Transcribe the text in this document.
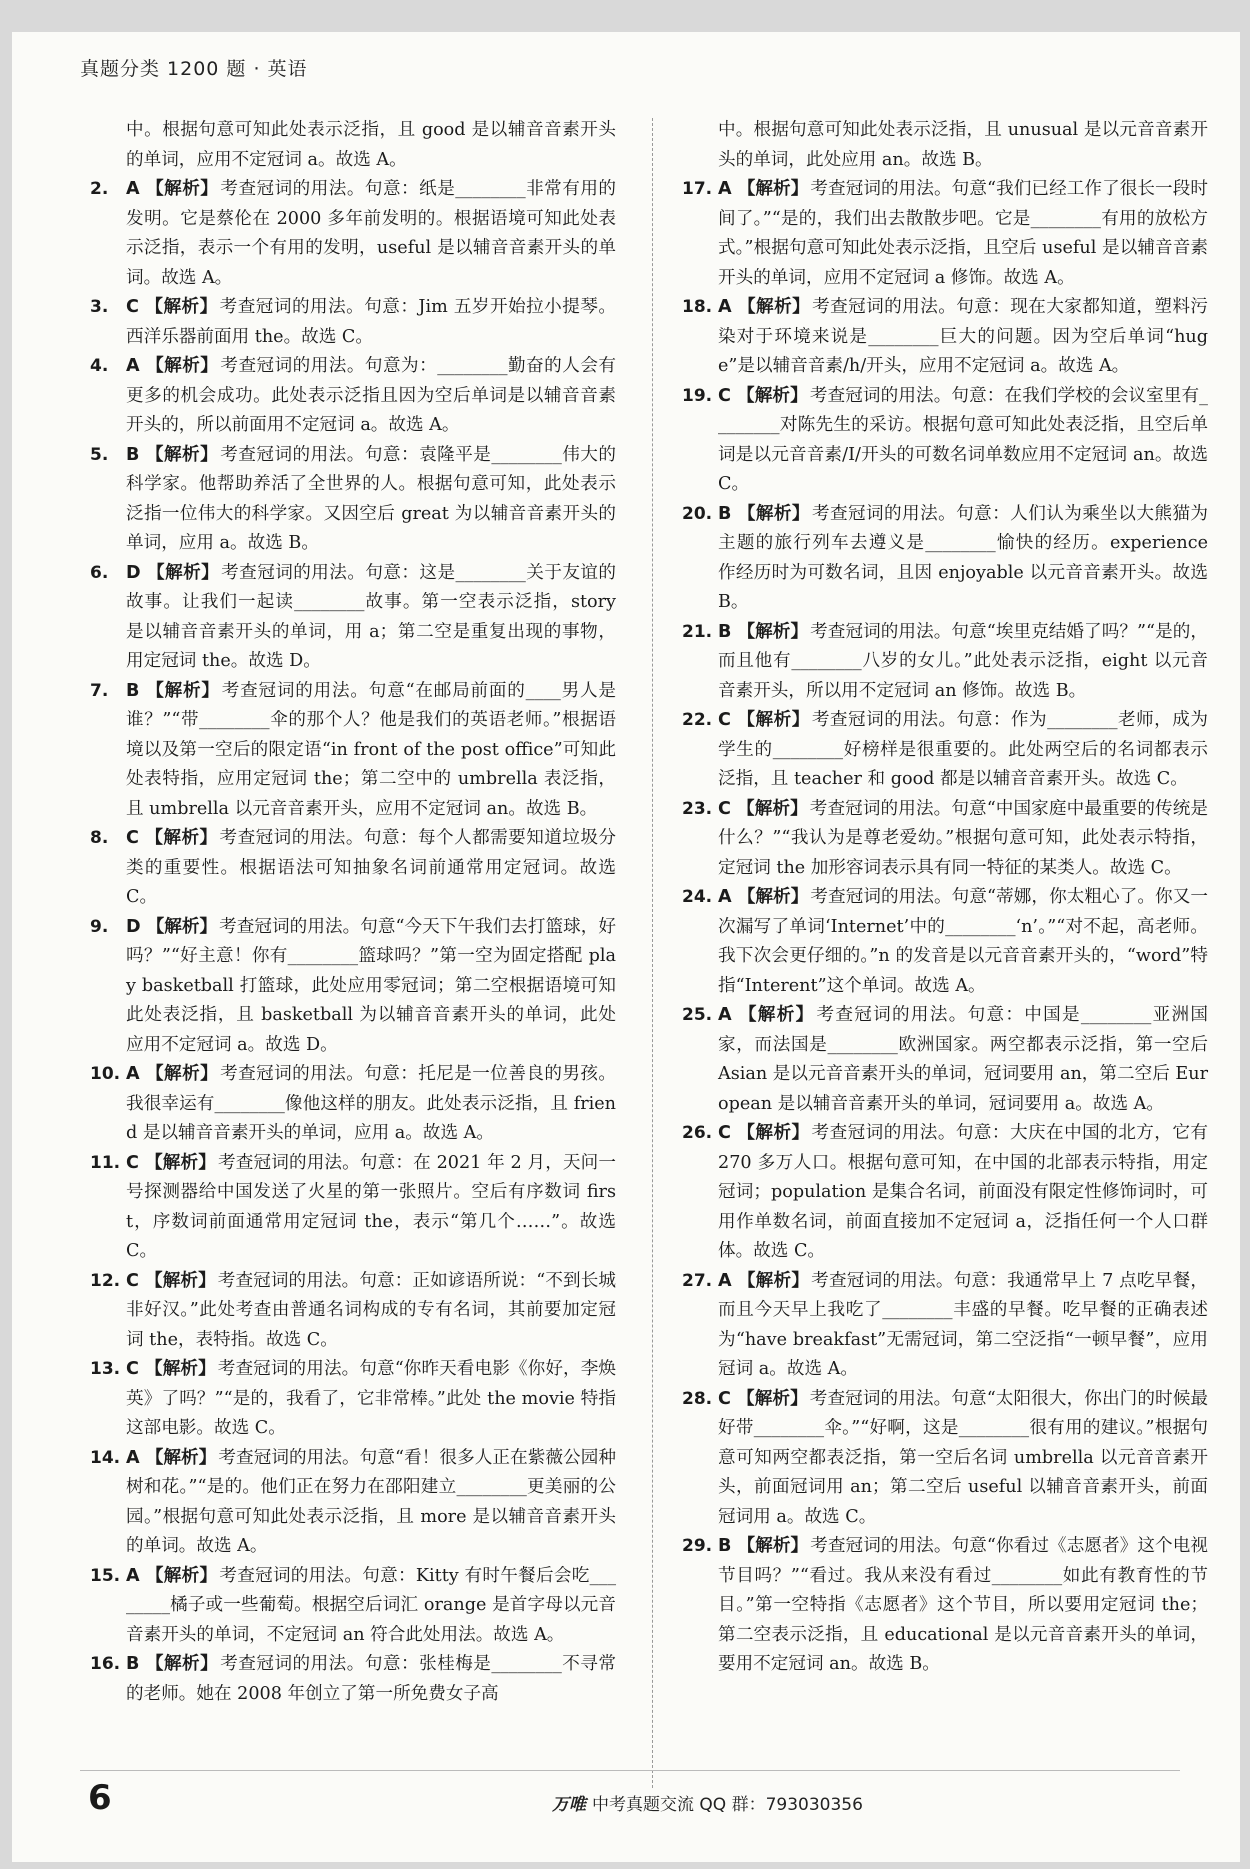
真题分类 1200 题 · 英语
中。根据句意可知此处表示泛指，且 good 是以辅音音素开头的单词，应用不定冠词 a。故选 A。
2. A 【解析】 考查冠词的用法。句意：纸是________非常有用的发明。它是蔡伦在 2000 多年前发明的。根据语境可知此处表示泛指，表示一个有用的发明，useful 是以辅音音素开头的单词。故选 A。
3. C 【解析】 考查冠词的用法。句意：Jim 五岁开始拉小提琴。西洋乐器前面用 the。故选 C。
4. A 【解析】 考查冠词的用法。句意为：________勤奋的人会有更多的机会成功。此处表示泛指且因为空后单词是以辅音音素开头的，所以前面用不定冠词 a。故选 A。
5. B 【解析】 考查冠词的用法。句意：袁隆平是________伟大的科学家。他帮助养活了全世界的人。根据句意可知，此处表示泛指一位伟大的科学家。又因空后 great 为以辅音音素开头的单词，应用 a。故选 B。
6. D 【解析】 考查冠词的用法。句意：这是________关于友谊的故事。让我们一起读________故事。第一空表示泛指，story 是以辅音音素开头的单词，用 a；第二空是重复出现的事物，用定冠词 the。故选 D。
7. B 【解析】 考查冠词的用法。句意“在邮局前面的____男人是谁？”“带________伞的那个人？他是我们的英语老师。”根据语境以及第一空后的限定语“in front of the post office”可知此处表特指，应用定冠词 the；第二空中的 umbrella 表泛指，且 umbrella 以元音音素开头，应用不定冠词 an。故选 B。
8. C 【解析】 考查冠词的用法。句意：每个人都需要知道垃圾分类的重要性。根据语法可知抽象名词前通常用定冠词。故选 C。
9. D 【解析】 考查冠词的用法。句意“今天下午我们去打篮球，好吗？”“好主意！你有________篮球吗？”第一空为固定搭配 play basketball 打篮球，此处应用零冠词；第二空根据语境可知此处表泛指，且 basketball 为以辅音音素开头的单词，此处应用不定冠词 a。故选 D。
10. A 【解析】 考查冠词的用法。句意：托尼是一位善良的男孩。我很幸运有________像他这样的朋友。此处表示泛指，且 friend 是以辅音音素开头的单词，应用 a。故选 A。
11. C 【解析】 考查冠词的用法。句意：在 2021 年 2 月，天问一号探测器给中国发送了火星的第一张照片。空后有序数词 first，序数词前面通常用定冠词 the，表示“第几个……”。故选 C。
12. C 【解析】 考查冠词的用法。句意：正如谚语所说：“不到长城非好汉。”此处考查由普通名词构成的专有名词，其前要加定冠词 the，表特指。故选 C。
13. C 【解析】 考查冠词的用法。句意“你昨天看电影《你好，李焕英》了吗？”“是的，我看了，它非常棒。”此处 the movie 特指这部电影。故选 C。
14. A 【解析】 考查冠词的用法。句意“看！很多人正在紫薇公园种树和花。”“是的。他们正在努力在邵阳建立________更美丽的公园。”根据句意可知此处表示泛指，且 more 是以辅音音素开头的单词。故选 A。
15. A 【解析】 考查冠词的用法。句意：Kitty 有时午餐后会吃________橘子或一些葡萄。根据空后词汇 orange 是首字母以元音音素开头的单词，不定冠词 an 符合此处用法。故选 A。
16. B 【解析】 考查冠词的用法。句意：张桂梅是________不寻常的老师。她在 2008 年创立了第一所免费女子高
中。根据句意可知此处表示泛指，且 unusual 是以元音音素开头的单词，此处应用 an。故选 B。
17. A 【解析】 考查冠词的用法。句意“我们已经工作了很长一段时间了。”“是的，我们出去散散步吧。它是________有用的放松方式。”根据句意可知此处表示泛指，且空后 useful 是以辅音音素开头的单词，应用不定冠词 a 修饰。故选 A。
18. A 【解析】 考查冠词的用法。句意：现在大家都知道，塑料污染对于环境来说是________巨大的问题。因为空后单词“huge”是以辅音音素/h/开头，应用不定冠词 a。故选 A。
19. C 【解析】 考查冠词的用法。句意：在我们学校的会议室里有________对陈先生的采访。根据句意可知此处表泛指，且空后单词是以元音音素/I/开头的可数名词单数应用不定冠词 an。故选 C。
20. B 【解析】 考查冠词的用法。句意：人们认为乘坐以大熊猫为主题的旅行列车去遵义是________愉快的经历。experience 作经历时为可数名词，且因 enjoyable 以元音音素开头。故选 B。
21. B 【解析】 考查冠词的用法。句意“埃里克结婚了吗？”“是的，而且他有________八岁的女儿。”此处表示泛指，eight 以元音音素开头，所以用不定冠词 an 修饰。故选 B。
22. C 【解析】 考查冠词的用法。句意：作为________老师，成为学生的________好榜样是很重要的。此处两空后的名词都表示泛指，且 teacher 和 good 都是以辅音音素开头。故选 C。
23. C 【解析】 考查冠词的用法。句意“中国家庭中最重要的传统是什么？”“我认为是尊老爱幼。”根据句意可知，此处表示特指，定冠词 the 加形容词表示具有同一特征的某类人。故选 C。
24. A 【解析】 考查冠词的用法。句意“蒂娜，你太粗心了。你又一次漏写了单词‘Internet’中的________‘n’。”“对不起，高老师。我下次会更仔细的。”n 的发音是以元音音素开头的，“word”特指“Interent”这个单词。故选 A。
25. A 【解析】 考查冠词的用法。句意：中国是________亚洲国家，而法国是________欧洲国家。两空都表示泛指，第一空后 Asian 是以元音音素开头的单词，冠词要用 an，第二空后 European 是以辅音音素开头的单词，冠词要用 a。故选 A。
26. C 【解析】 考查冠词的用法。句意：大庆在中国的北方，它有 270 多万人口。根据句意可知，在中国的北部表示特指，用定冠词；population 是集合名词，前面没有限定性修饰词时，可用作单数名词，前面直接加不定冠词 a，泛指任何一个人口群体。故选 C。
27. A 【解析】 考查冠词的用法。句意：我通常早上 7 点吃早餐，而且今天早上我吃了________丰盛的早餐。吃早餐的正确表述为“have breakfast”无需冠词，第二空泛指“一顿早餐”，应用冠词 a。故选 A。
28. C 【解析】 考查冠词的用法。句意“太阳很大，你出门的时候最好带________伞。”“好啊，这是________很有用的建议。”根据句意可知两空都表泛指，第一空后名词 umbrella 以元音音素开头，前面冠词用 an；第二空后 useful 以辅音音素开头，前面冠词用 a。故选 C。
29. B 【解析】 考查冠词的用法。句意“你看过《志愿者》这个电视节目吗？”“看过。我从来没有看过________如此有教育性的节目。”第一空特指《志愿者》这个节目，所以要用定冠词 the；第二空表示泛指，且 educational 是以元音音素开头的单词，要用不定冠词 an。故选 B。
6	万唯 中考真题交流 QQ 群：793030356
